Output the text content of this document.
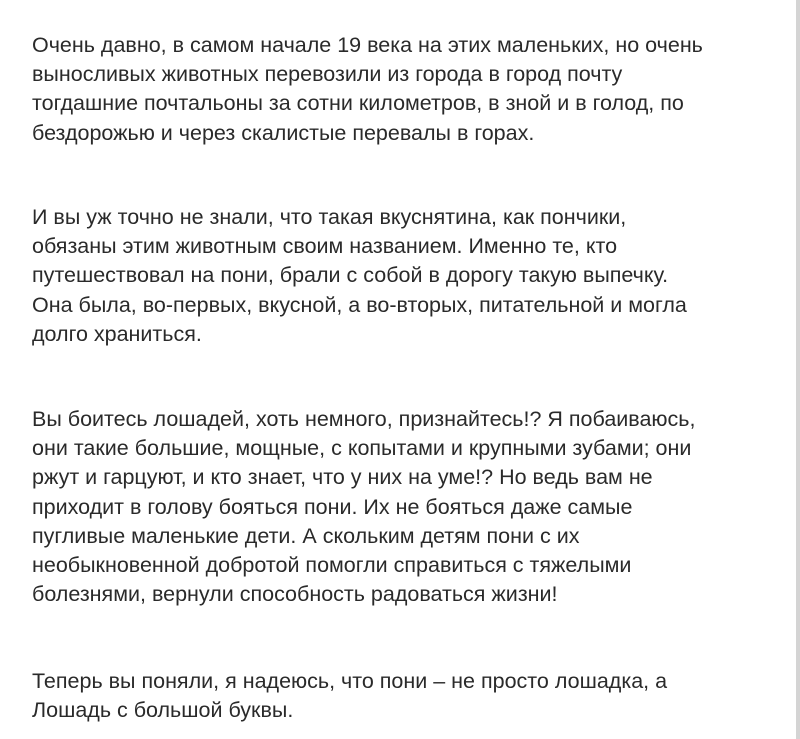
Очень давно, в самом начале 19 века на этих маленьких, но очень
выносливых животных перевозили из города в город почту
тогдашние почтальоны за сотни километров, в зной и в голод, по
бездорожью и через скалистые перевалы в горах.

И вы уж точно не знали, что такая вкуснятина, как пончики,
обязаны этим животным своим названием. Именно те, кто
путешествовал на пони, брали с собой в дорогу такую выпечку.
Она была, во-первых, вкусной, а во-вторых, питательной и могла
долго храниться.

Вы боитесь лошадей, хоть немного, признайтесь!? Я побаиваюсь,
они такие большие, мощные, с копытами и крупными зубами; они
ржут и гарцуют, и кто знает, что у них на уме!? Но ведь вам не
приходит в голову бояться пони. Их не бояться даже самые
пугливые маленькие дети. А скольким детям пони с их
необыкновенной добротой помогли справиться с тяжелыми
болезнями, вернули способность радоваться жизни!

Теперь вы поняли, я надеюсь, что пони – не просто лошадка, а
Лошадь с большой буквы.
